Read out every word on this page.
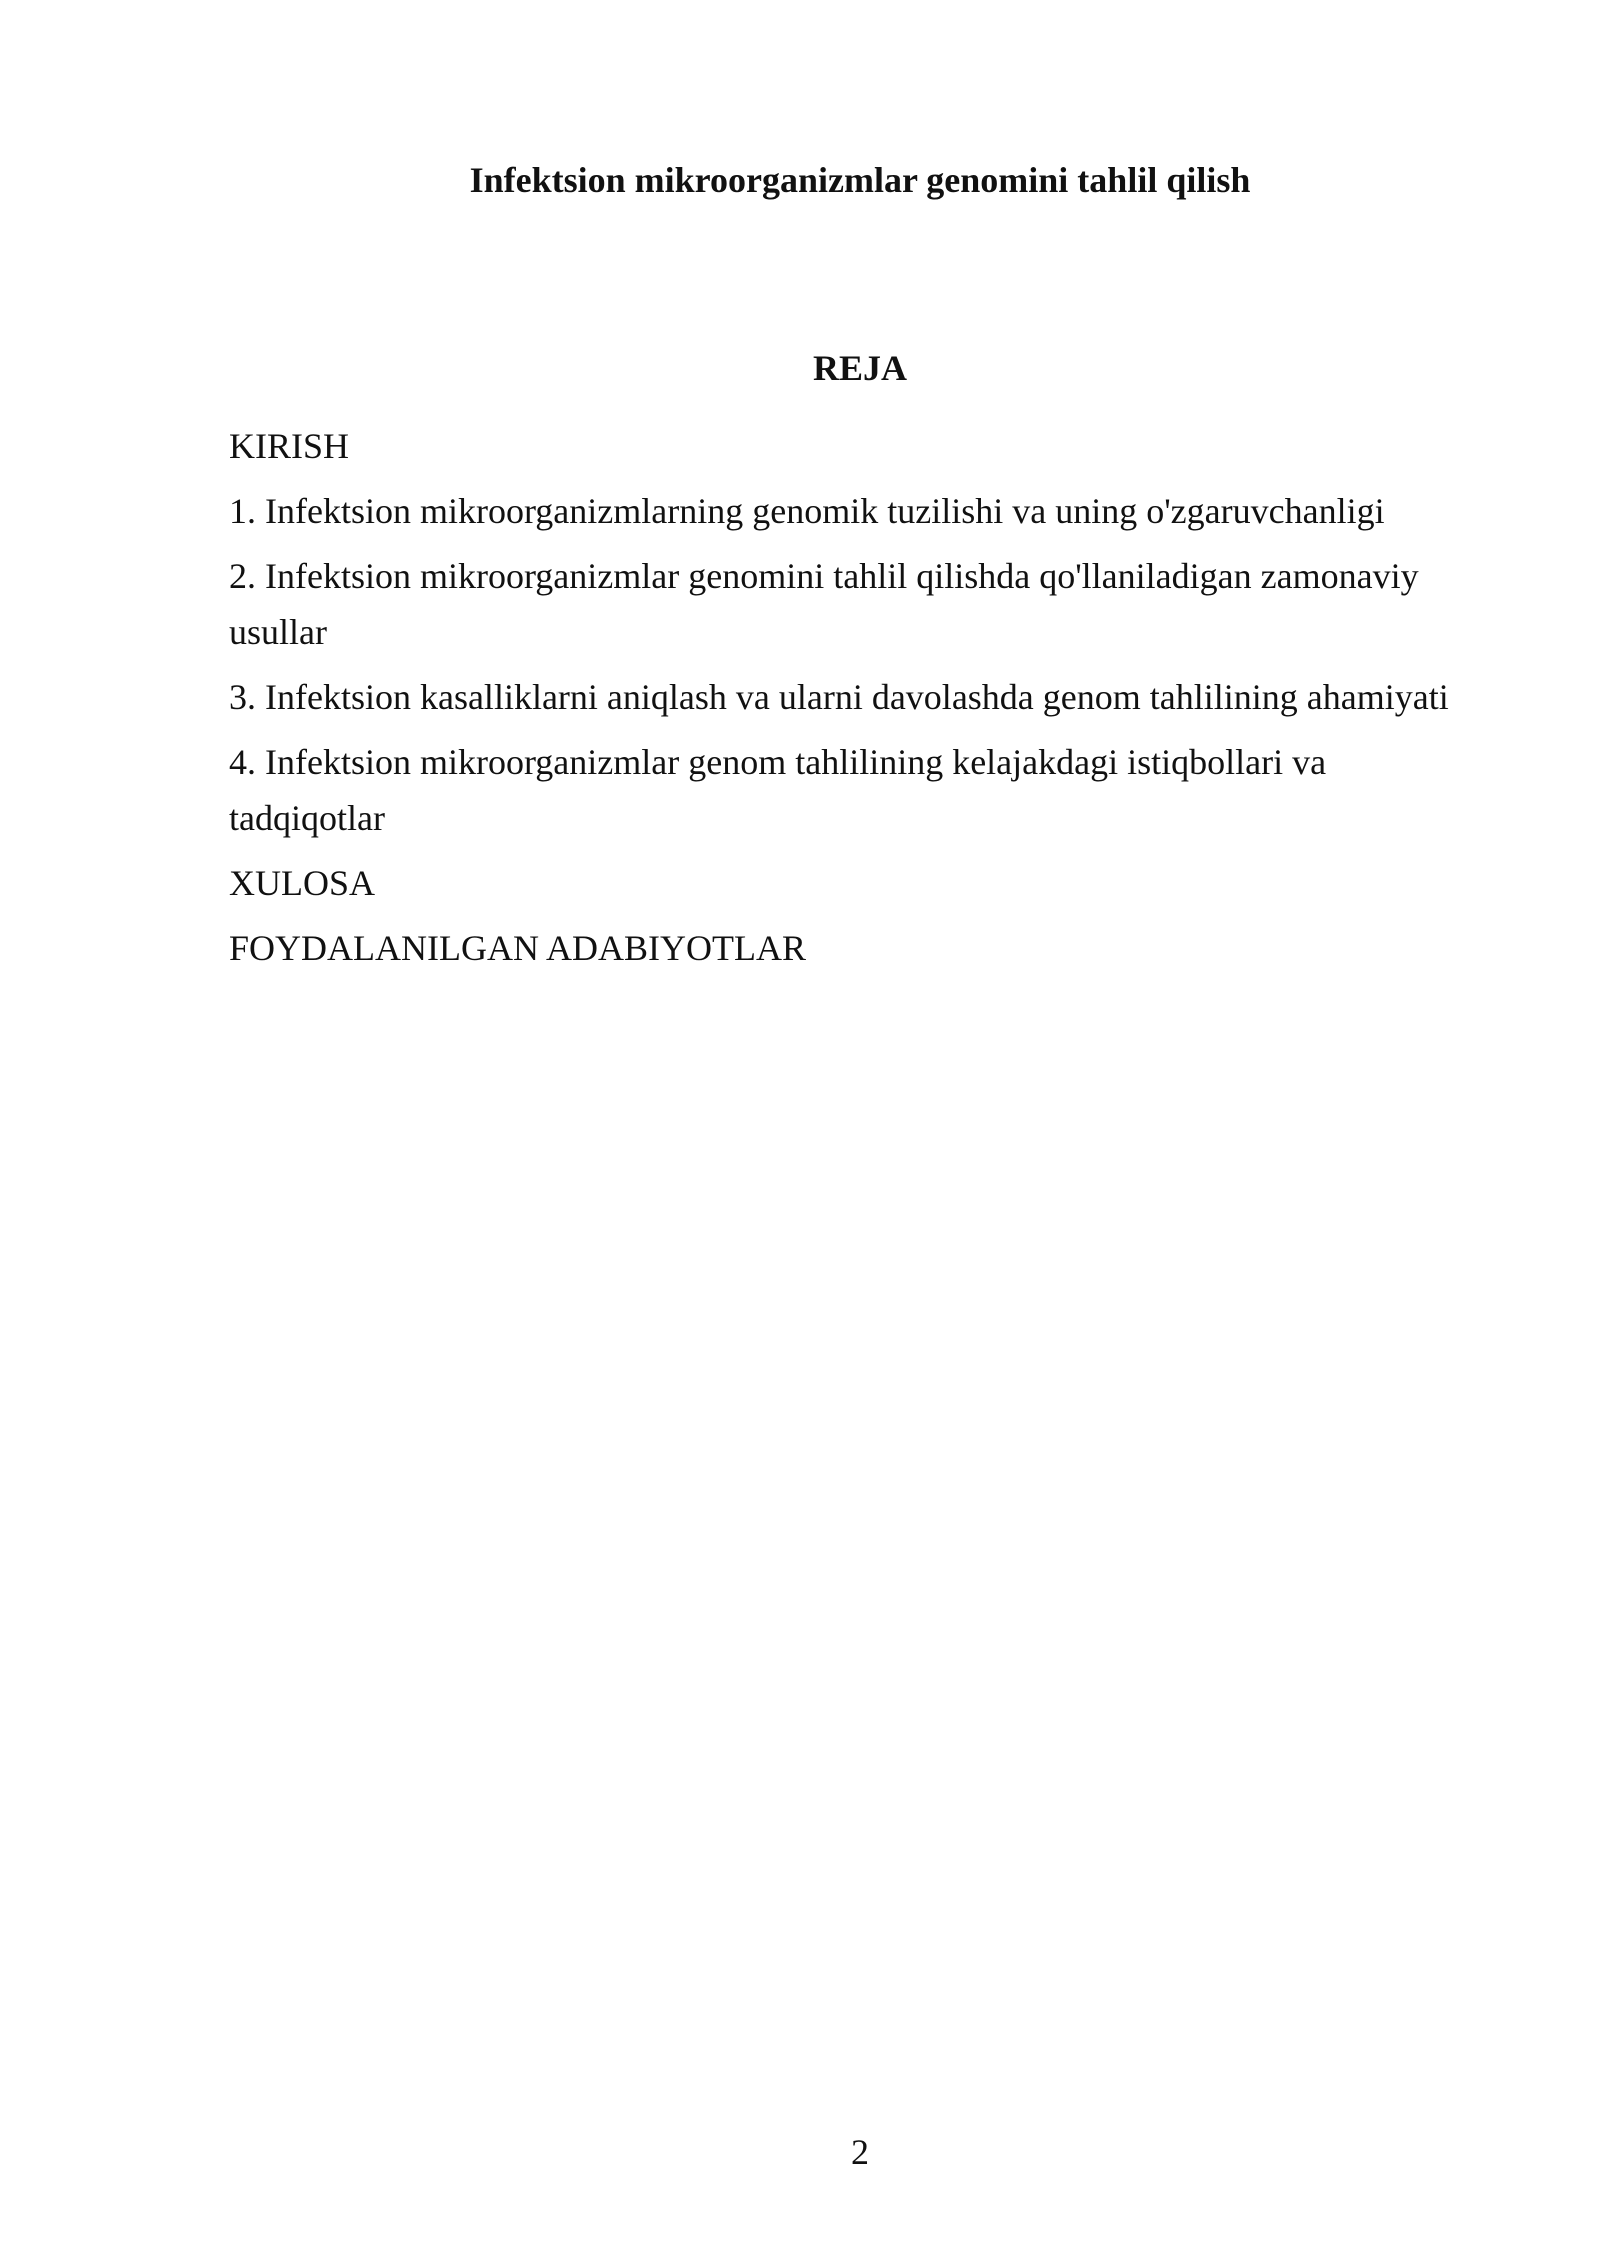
Infektsion mikroorganizmlar genomini tahlil qilish
REJA
KIRISH
1. Infektsion mikroorganizmlarning genomik tuzilishi va uning o'zgaruvchanligi
2. Infektsion mikroorganizmlar genomini tahlil qilishda qo'llaniladigan zamonaviy usullar
3. Infektsion kasalliklarni aniqlash va ularni davolashda genom tahlilining ahamiyati
4. Infektsion mikroorganizmlar genom tahlilining kelajakdagi istiqbollari va tadqiqotlar
XULOSA
FOYDALANILGAN ADABIYOTLAR
2
